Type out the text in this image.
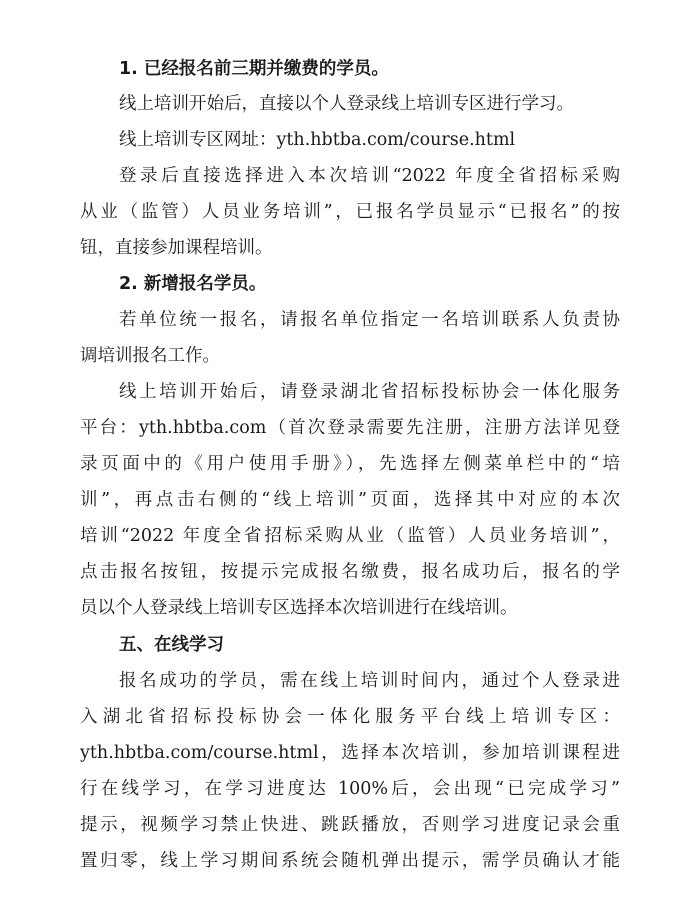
1. 已经报名前三期并缴费的学员。
线上培训开始后，直接以个人登录线上培训专区进行学习。
线上培训专区网址：yth.hbtba.com/course.html
登录后直接选择进入本次培训“2022 年度全省招标采购
从业（监管）人员业务培训”，已报名学员显示“已报名”的按
钮，直接参加课程培训。
2. 新增报名学员。
若单位统一报名，请报名单位指定一名培训联系人负责协
调培训报名工作。
线上培训开始后，请登录湖北省招标投标协会一体化服务
平台：yth.hbtba.com（首次登录需要先注册，注册方法详见登
录页面中的《用户使用手册》），先选择左侧菜单栏中的“培
训”，再点击右侧的“线上培训”页面，选择其中对应的本次
培训“2022 年度全省招标采购从业（监管）人员业务培训”，
点击报名按钮，按提示完成报名缴费，报名成功后，报名的学
员以个人登录线上培训专区选择本次培训进行在线培训。
五、在线学习
报名成功的学员，需在线上培训时间内，通过个人登录进
入湖北省招标投标协会一体化服务平台线上培训专区：
yth.hbtba.com/course.html，选择本次培训，参加培训课程进
行在线学习，在学习进度达 100%后，会出现“已完成学习”
提示，视频学习禁止快进、跳跃播放，否则学习进度记录会重
置归零，线上学习期间系统会随机弹出提示，需学员确认才能
